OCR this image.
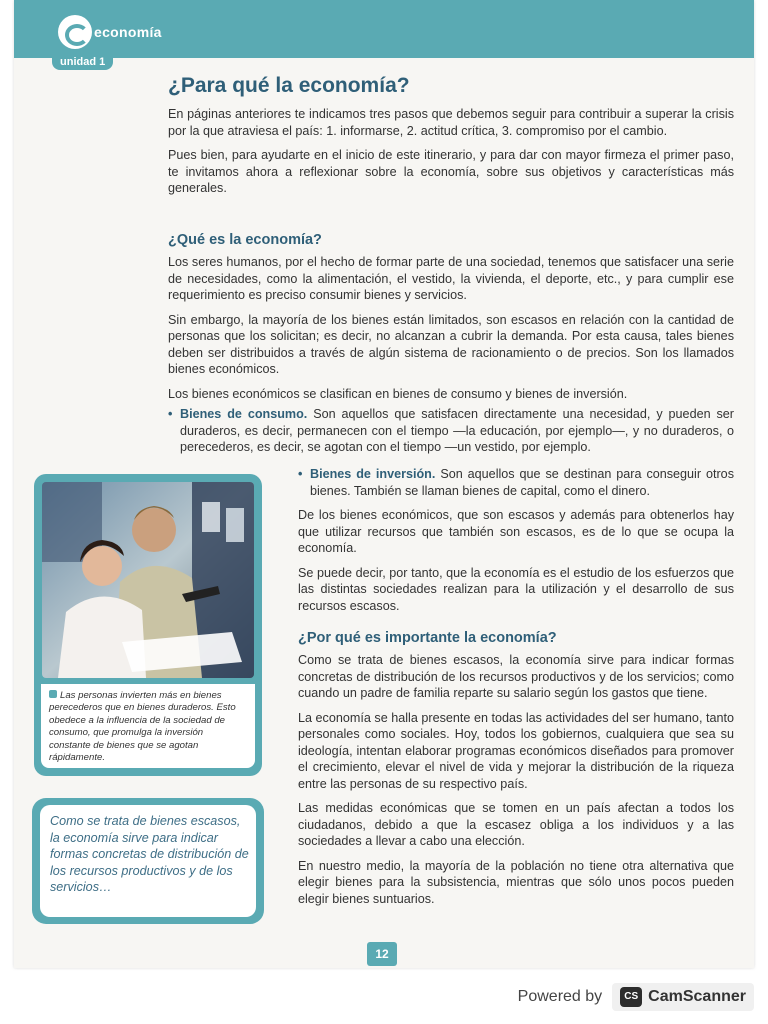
economía
unidad 1
¿Para qué la economía?

En páginas anteriores te indicamos tres pasos que debemos seguir para contribuir a superar la crisis por la que atraviesa el país: 1. informarse, 2. actitud crítica, 3. compromiso por el cambio.

Pues bien, para ayudarte en el inicio de este itinerario, y para dar con mayor firmeza el primer paso, te invitamos ahora a reflexionar sobre la economía, sobre sus objetivos y características más generales.

¿Qué es la economía?

Los seres humanos, por el hecho de formar parte de una sociedad, tenemos que satisfacer una serie de necesidades, como la alimentación, el vestido, la vivienda, el deporte, etc., y para cumplir ese requerimiento es preciso consumir bienes y servicios.

Sin embargo, la mayoría de los bienes están limitados, son escasos en relación con la cantidad de personas que los solicitan; es decir, no alcanzan a cubrir la demanda. Por esta causa, tales bienes deben ser distribuidos a través de algún sistema de racionamiento o de precios. Son los llamados bienes económicos.

Los bienes económicos se clasifican en bienes de consumo y bienes de inversión.

• Bienes de consumo. Son aquellos que satisfacen directamente una necesidad, y pueden ser duraderos, es decir, permanecen con el tiempo —la educación, por ejemplo—, y no duraderos, o perecederos, es decir, se agotan con el tiempo —un vestido, por ejemplo.

• Bienes de inversión. Son aquellos que se destinan para conseguir otros bienes. También se llaman bienes de capital, como el dinero.

De los bienes económicos, que son escasos y además para obtenerlos hay que utilizar recursos que también son escasos, es de lo que se ocupa la economía.

Se puede decir, por tanto, que la economía es el estudio de los esfuerzos que las distintas sociedades realizan para la utilización y el desarrollo de sus recursos escasos.

¿Por qué es importante la economía?

Como se trata de bienes escasos, la economía sirve para indicar formas concretas de distribución de los recursos productivos y de los servicios; como cuando un padre de familia reparte su salario según los gastos que tiene.

La economía se halla presente en todas las actividades del ser humano, tanto personales como sociales. Hoy, todos los gobiernos, cualquiera que sea su ideología, intentan elaborar programas económicos diseñados para promover el crecimiento, elevar el nivel de vida y mejorar la distribución de la riqueza entre las personas de su respectivo país.

Las medidas económicas que se tomen en un país afectan a todos los ciudadanos, debido a que la escasez obliga a los individuos y a las sociedades a llevar a cabo una elección.

En nuestro medio, la mayoría de la población no tiene otra alternativa que elegir bienes para la subsistencia, mientras que sólo unos pocos pueden elegir bienes suntuarios.

Las personas invierten más en bienes perecederos que en bienes duraderos. Esto obedece a la influencia de la sociedad de consumo, que promulga la inversión constante de bienes que se agotan rápidamente.
Como se trata de bienes escasos, la economía sirve para indicar formas concretas de distribución de los recursos productivos y de los servicios…
12
Powered by	CS CamScanner
